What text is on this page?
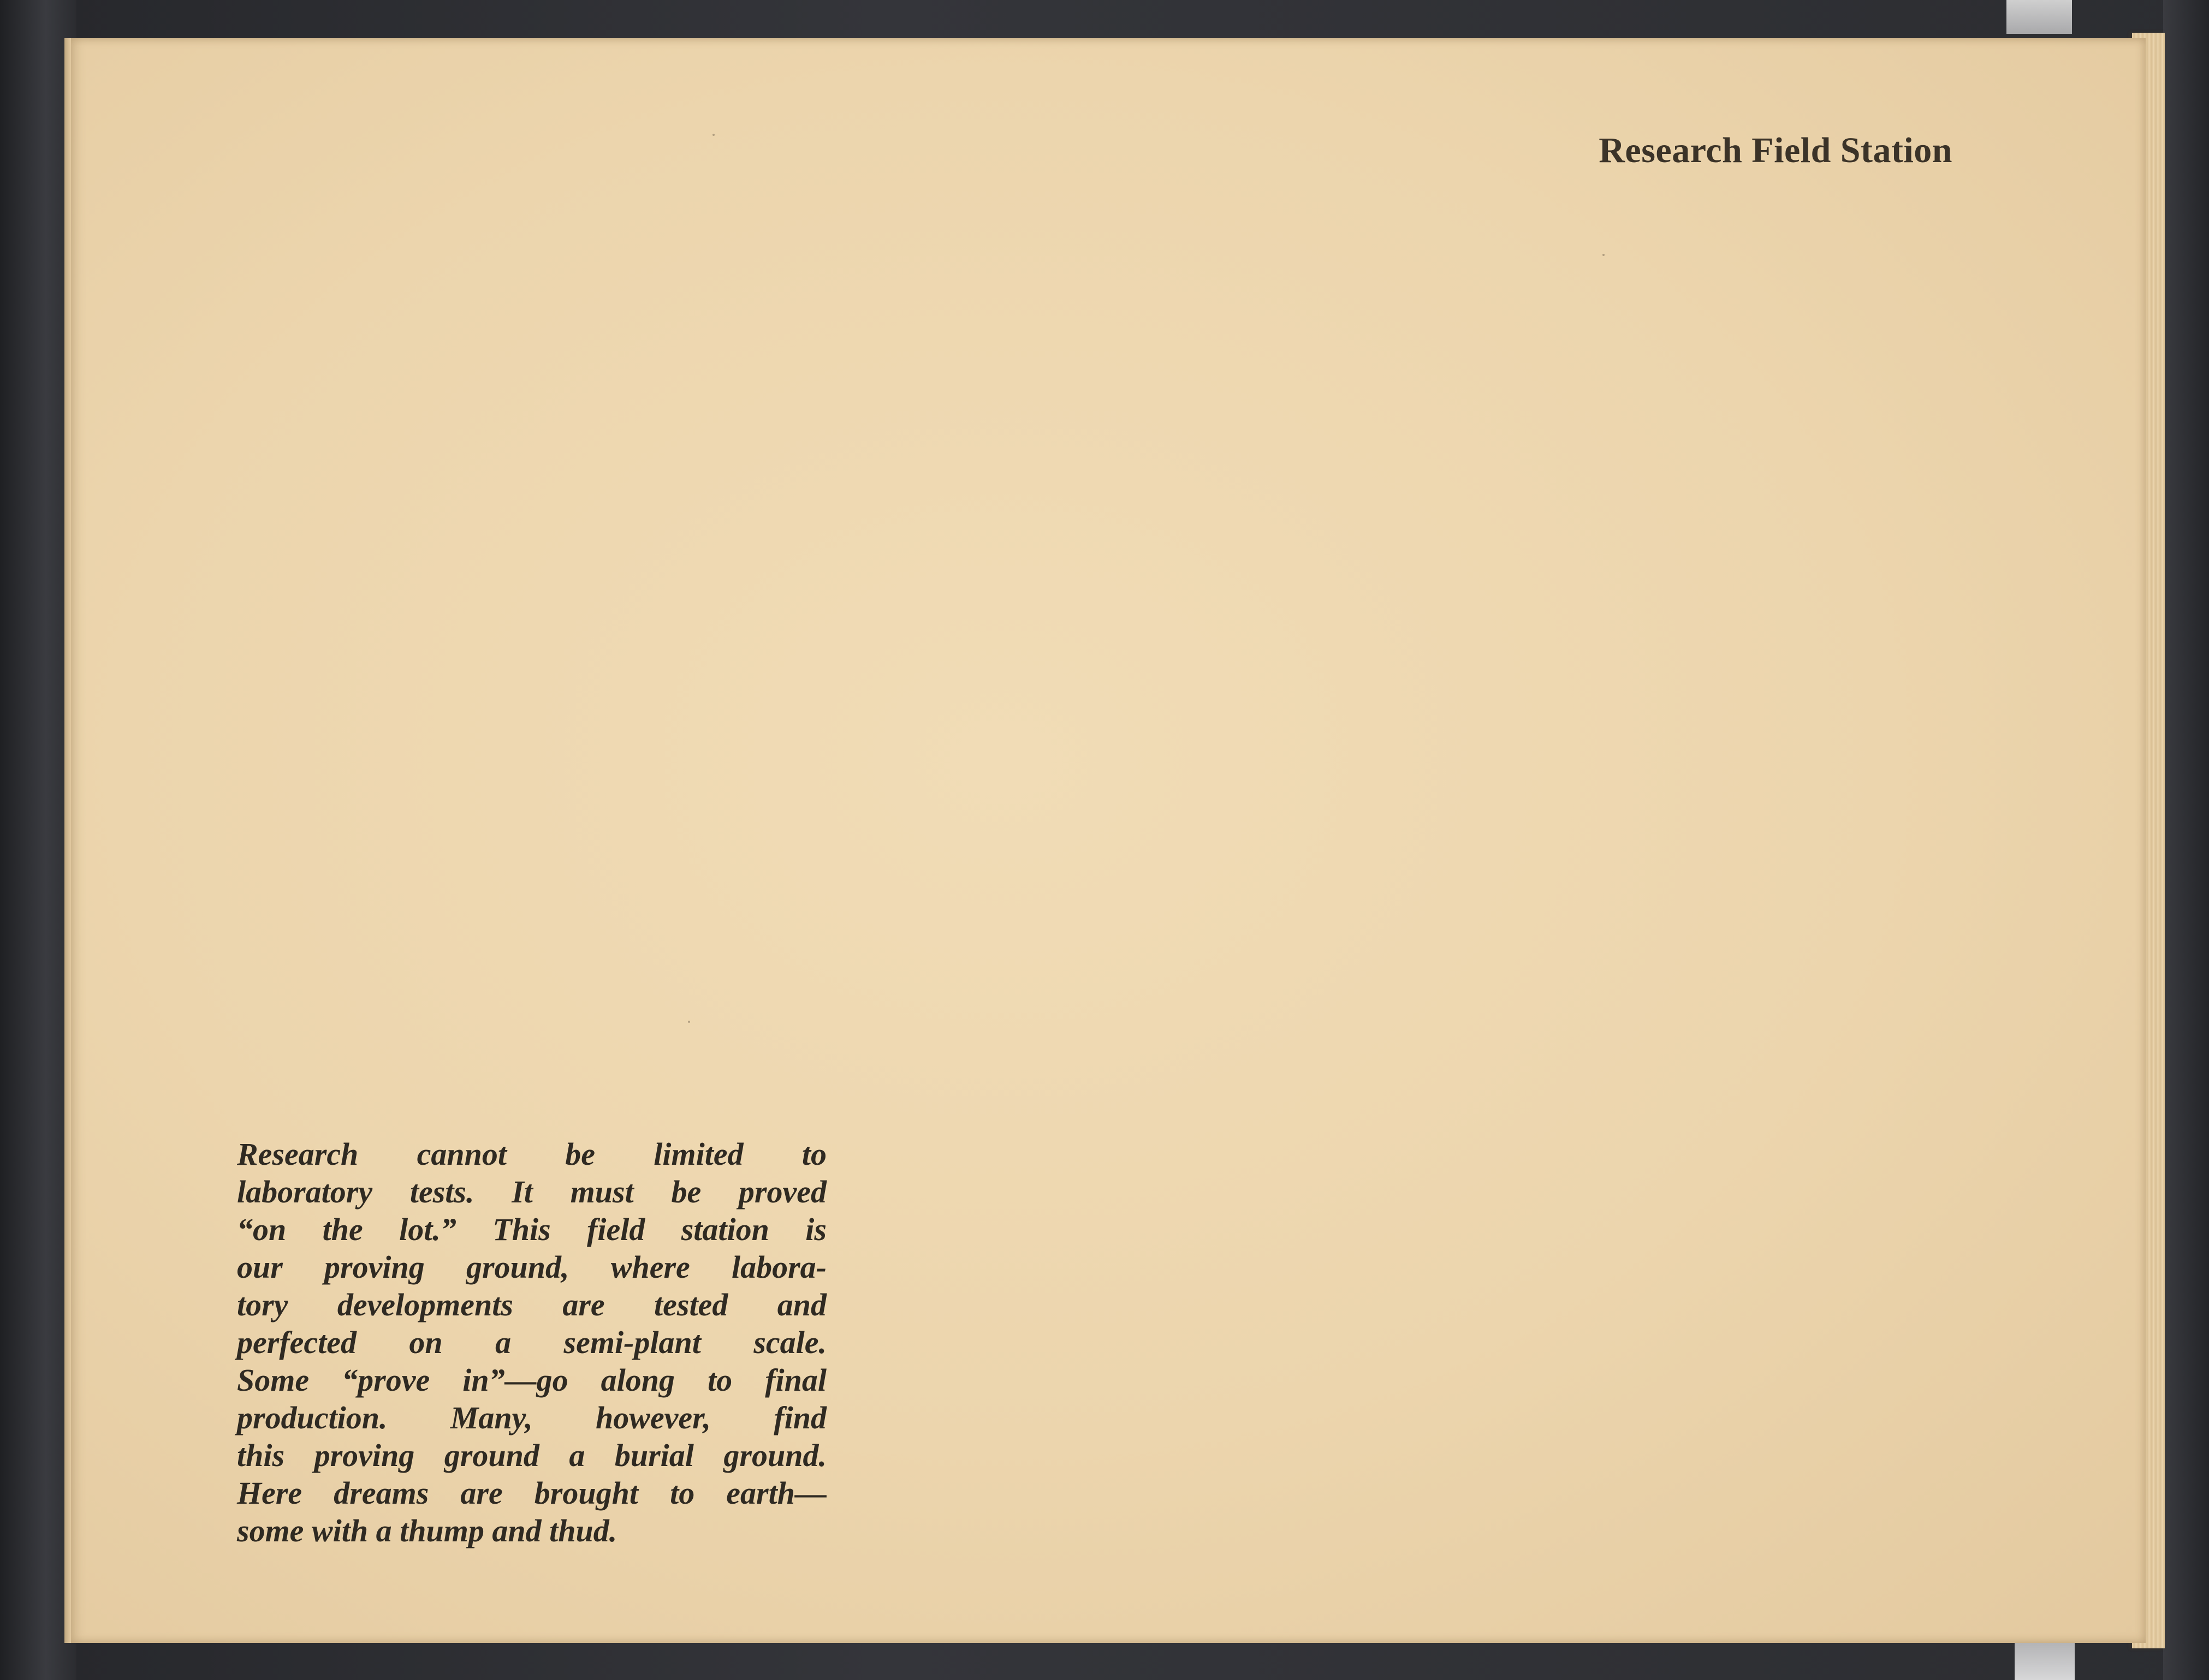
Research Field Station
Research cannot be limited to
laboratory tests. It must be proved
“on the lot.” This field station is
our proving ground, where labora-
tory developments are tested and
perfected on a semi-plant scale.
Some “prove in”—go along to final
production. Many, however, find
this proving ground a burial ground.
Here dreams are brought to earth—
some with a thump and thud.
